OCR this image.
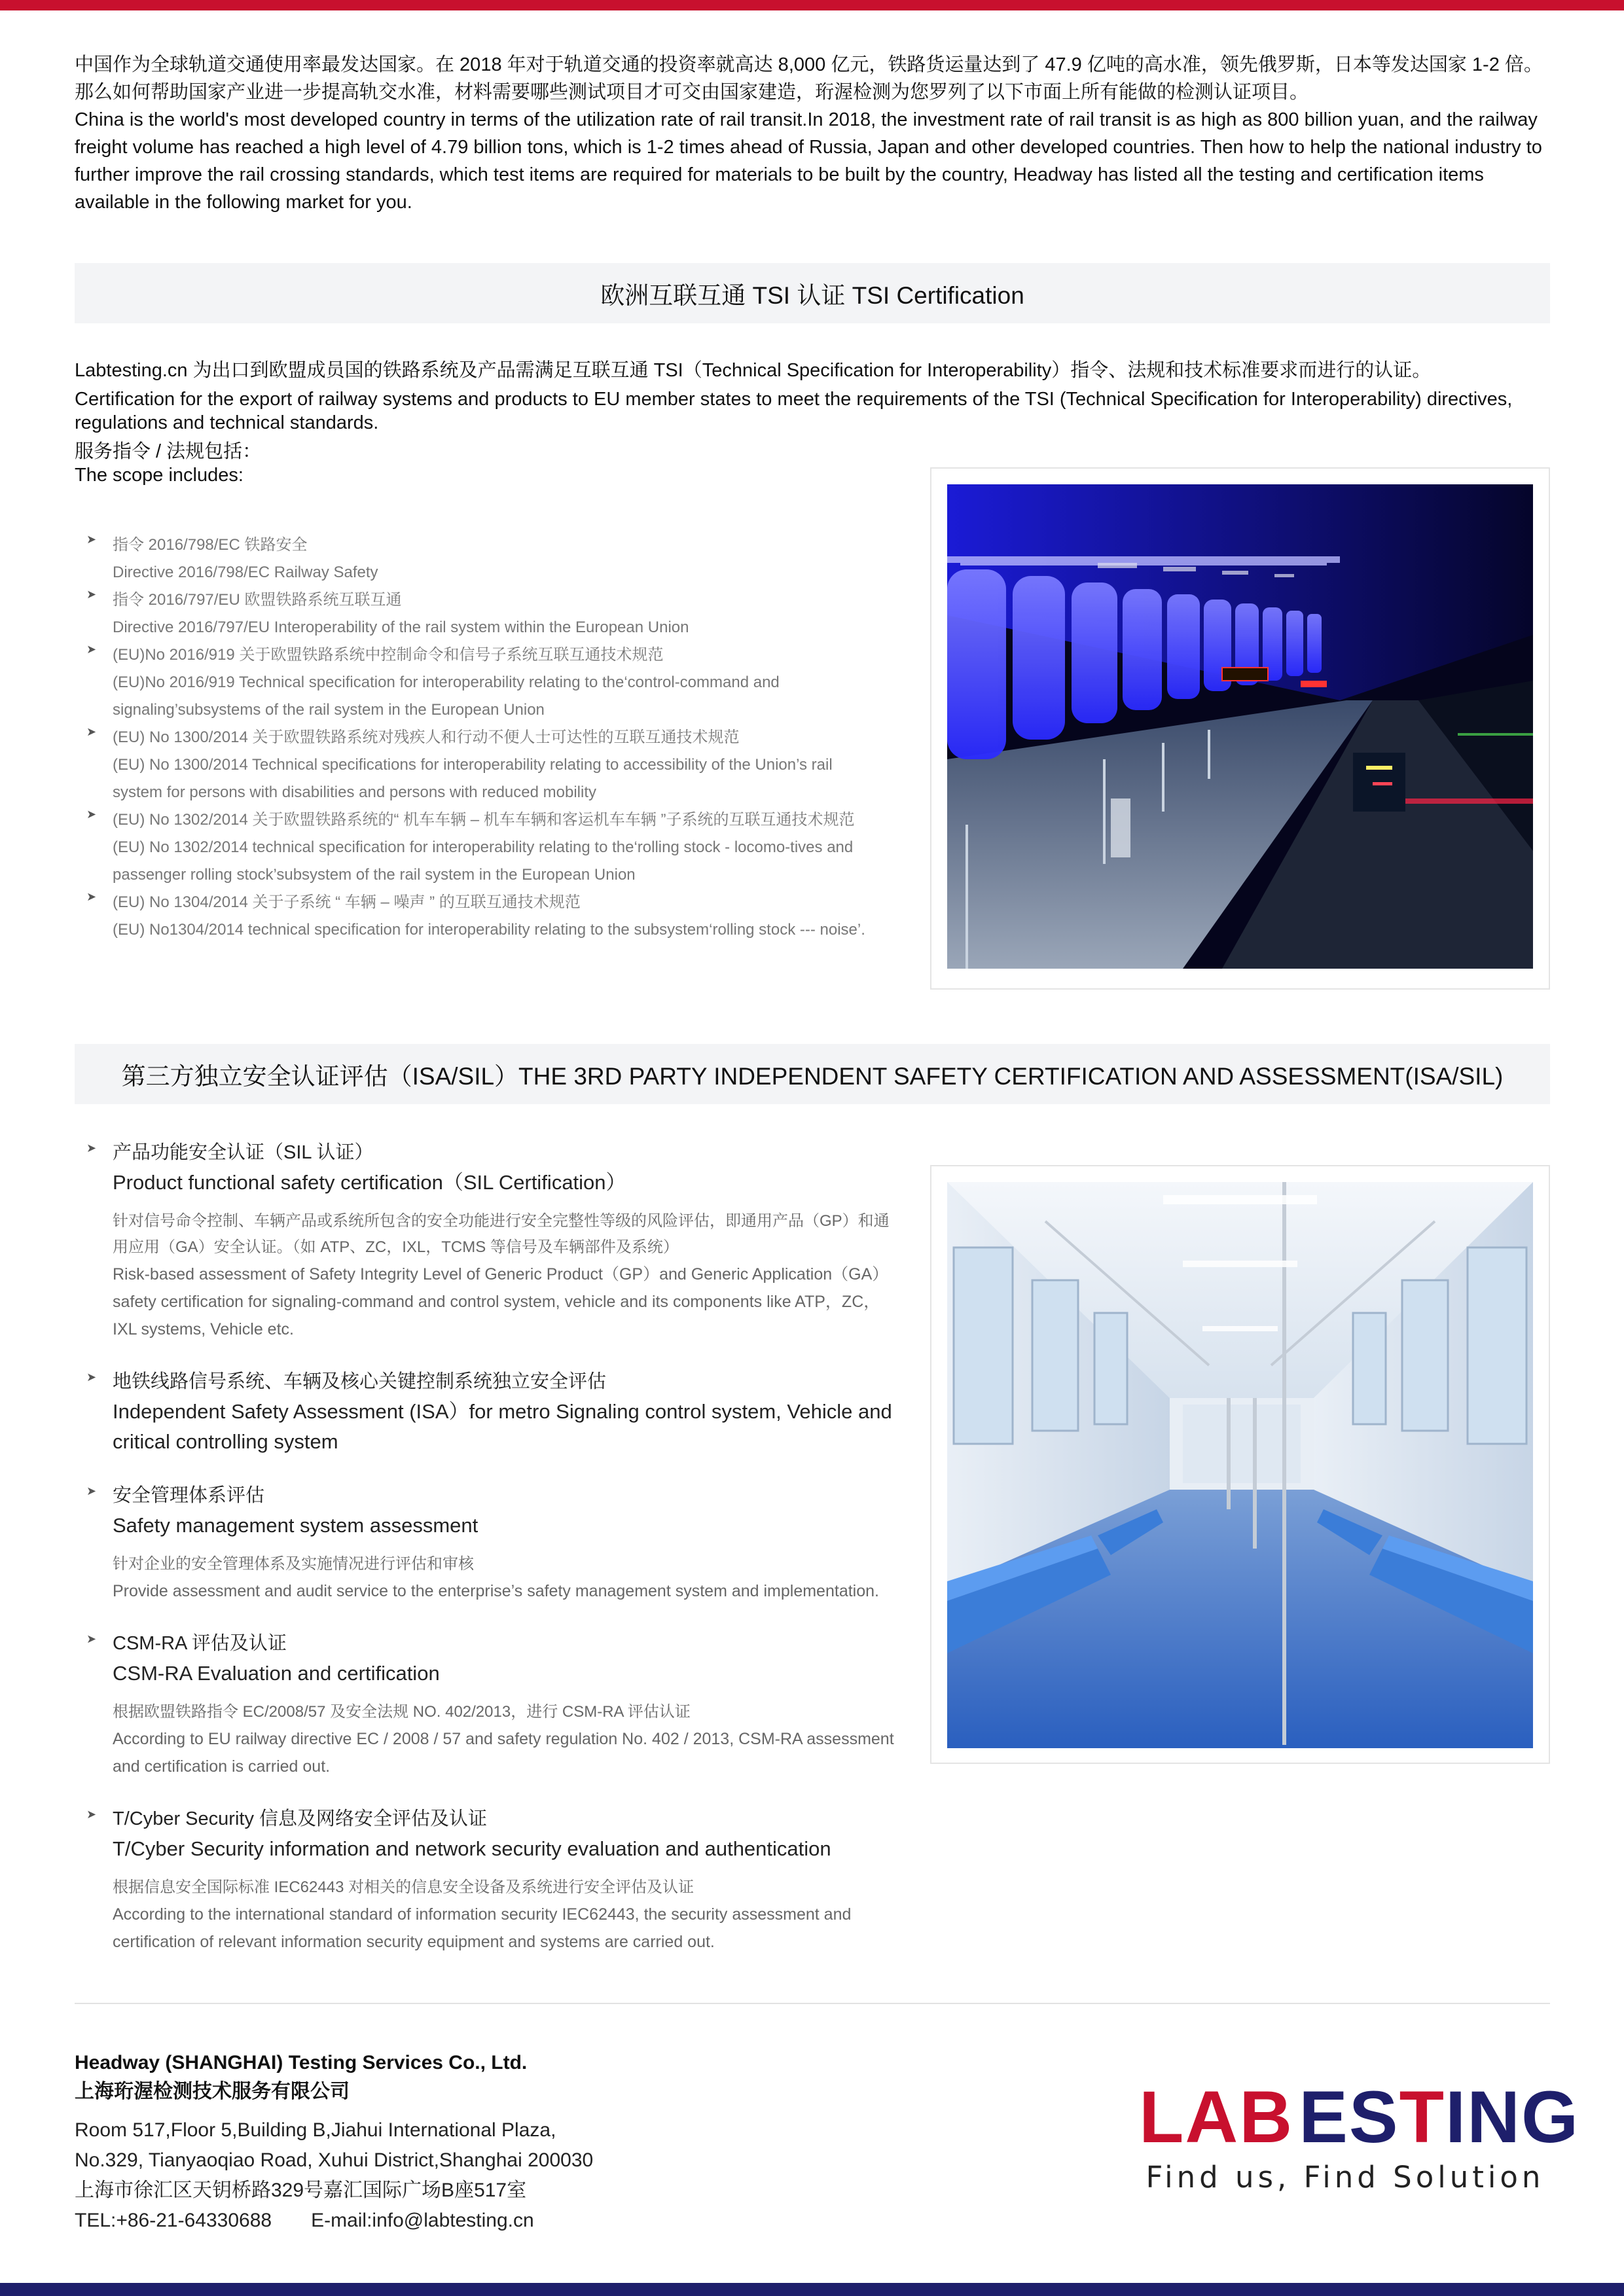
中国作为全球轨道交通使用率最发达国家。在 2018 年对于轨道交通的投资率就高达 8,000 亿元，铁路货运量达到了 47.9 亿吨的高水准，领先俄罗斯，日本等发达国家 1-2 倍。那么如何帮助国家产业进一步提高轨交水准，材料需要哪些测试项目才可交由国家建造，珩渥检测为您罗列了以下市面上所有能做的检测认证项目。

China is the world's most developed country in terms of the utilization rate of rail transit.In 2018, the investment rate of rail transit is as high as 800 billion yuan, and the railway freight volume has reached a high level of 4.79 billion tons, which is 1-2 times ahead of Russia, Japan and other developed countries. Then how to help the national industry to further improve the rail crossing standards, which test items are required for materials to be built by the country, Headway has listed all the testing and certification items available in the following market for you.

欧洲互联互通 TSI 认证 TSI Certification

Labtesting.cn 为出口到欧盟成员国的铁路系统及产品需满足互联互通 TSI（Technical Specification for Interoperability）指令、法规和技术标准要求而进行的认证。

Certification for the export of railway systems and products to EU member states to meet the requirements of the TSI (Technical Specification for Interoperability) directives, regulations and technical standards.

服务指令 / 法规包括：

The scope includes:

➤ 指令 2016/798/EC 铁路安全
Directive 2016/798/EC Railway Safety
➤ 指令 2016/797/EU 欧盟铁路系统互联互通
Directive 2016/797/EU Interoperability of the rail system within the European Union
➤ (EU)No 2016/919 关于欧盟铁路系统中控制命令和信号子系统互联互通技术规范
(EU)No 2016/919 Technical specification for interoperability relating to the‘control-command and signaling’subsystems of the rail system in the European Union
➤ (EU) No 1300/2014 关于欧盟铁路系统对残疾人和行动不便人士可达性的互联互通技术规范
(EU) No 1300/2014 Technical specifications for interoperability relating to accessibility of the Union’s rail system for persons with disabilities and persons with reduced mobility
➤ (EU) No 1302/2014 关于欧盟铁路系统的“ 机车车辆 – 机车车辆和客运机车车辆 ”子系统的互联互通技术规范
(EU) No 1302/2014 technical specification for interoperability relating to the‘rolling stock - locomo-tives and passenger rolling stock’subsystem of the rail system in the European Union
➤ (EU) No 1304/2014 关于子系统 “ 车辆 – 噪声 ” 的互联互通技术规范
(EU) No1304/2014 technical specification for interoperability relating to the subsystem‘rolling stock --- noise’.
第三方独立安全认证评估（ISA/SIL）THE 3RD PARTY INDEPENDENT SAFETY CERTIFICATION AND ASSESSMENT(ISA/SIL)
➤ 产品功能安全认证（SIL 认证）
Product functional safety certification（SIL Certification）
针对信号命令控制、车辆产品或系统所包含的安全功能进行安全完整性等级的风险评估，即通用产品（GP）和通用应用（GA）安全认证。（如 ATP、ZC，IXL，TCMS 等信号及车辆部件及系统）
Risk-based assessment of Safety Integrity Level of Generic Product（GP）and Generic Application（GA）safety certification for signaling-command and control system, vehicle and its components like ATP，ZC，IXL systems, Vehicle etc.
➤ 地铁线路信号系统、车辆及核心关键控制系统独立安全评估
Independent Safety Assessment (ISA）for metro Signaling control system, Vehicle and critical controlling system
➤ 安全管理体系评估
Safety management system assessment
针对企业的安全管理体系及实施情况进行评估和审核
Provide assessment and audit service to the enterprise’s safety management system and implementation.
➤ CSM-RA 评估及认证
CSM-RA Evaluation and certification
根据欧盟铁路指令 EC/2008/57 及安全法规 NO. 402/2013，进行 CSM-RA 评估认证
According to EU railway directive EC / 2008 / 57 and safety regulation No. 402 / 2013, CSM-RA assessment and certification is carried out.
➤ T/Cyber Security 信息及网络安全评估及认证
T/Cyber Security information and network security evaluation and authentication
根据信息安全国际标准 IEC62443 对相关的信息安全设备及系统进行安全评估及认证
According to the international standard of information security IEC62443, the security assessment and certification of relevant information security equipment and systems are carried out.
Headway (SHANGHAI) Testing Services Co., Ltd.
上海珩渥检测技术服务有限公司
Room 517,Floor 5,Building B,Jiahui International Plaza,
No.329, Tianyaoqiao Road, Xuhui District,Shanghai 200030
上海市徐汇区天钥桥路329号嘉汇国际广场B座517室
TEL:+86-21-64330688 E-mail:info@labtesting.cn
LAB ES T ING
Find us, Find Solution
